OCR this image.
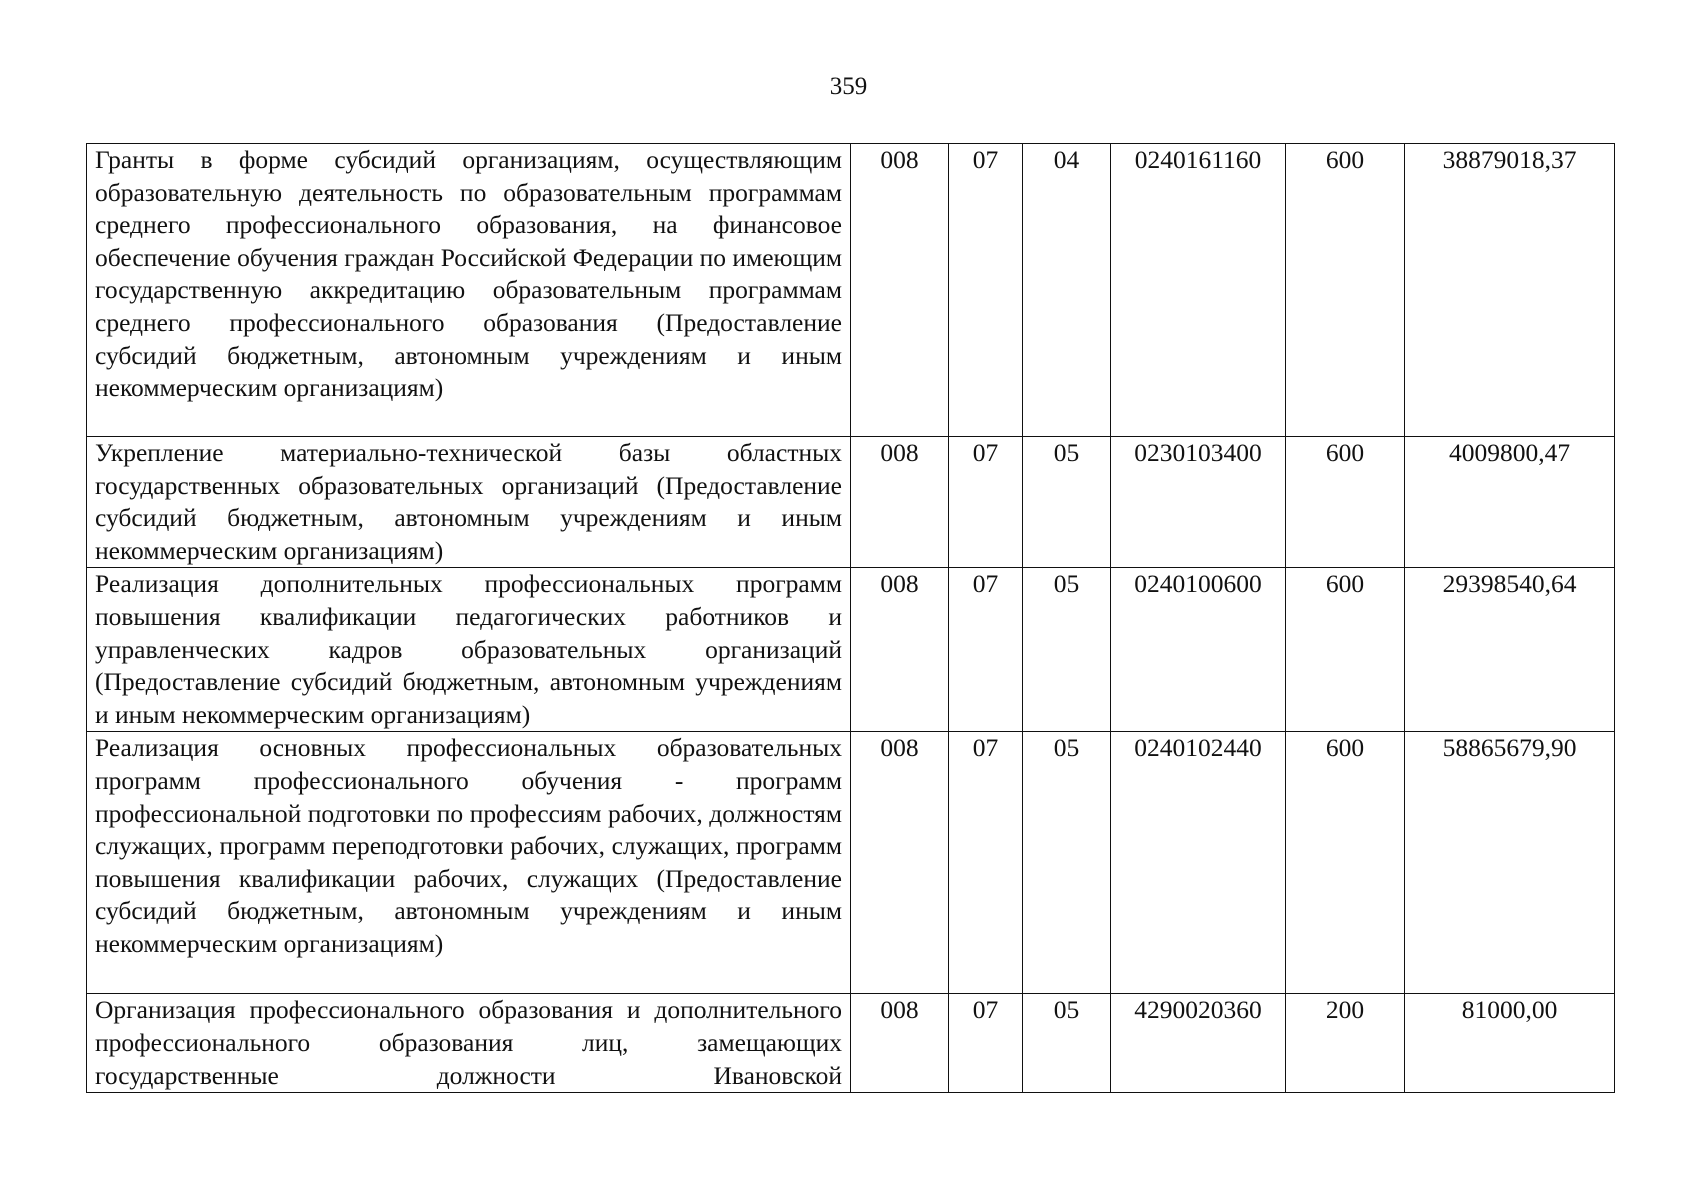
359
Гранты в форме субсидий организациям, осуществляющим образовательную деятельность по образовательным программам среднего профессионального образования, на финансовое обеспечение обучения граждан Российской Федерации по имеющим государственную аккредитацию образовательным программам среднего профессионального образования (Предоставление субсидий бюджетным, автономным учреждениям и иным некоммерческим организациям)	008	07	04	0240161160	600	38879018,37
Укрепление материально-технической базы областных государственных образовательных организаций (Предоставление субсидий бюджетным, автономным учреждениям и иным некоммерческим организациям)	008	07	05	0230103400	600	4009800,47
Реализация дополнительных профессиональных программ повышения квалификации педагогических работников и управленческих кадров образовательных организаций (Предоставление субсидий бюджетным, автономным учреждениям и иным некоммерческим организациям)	008	07	05	0240100600	600	29398540,64
Реализация основных профессиональных образовательных программ профессионального обучения - программ профессиональной подготовки по профессиям рабочих, должностям служащих, программ переподготовки рабочих, служащих, программ повышения квалификации рабочих, служащих (Предоставление субсидий бюджетным, автономным учреждениям и иным некоммерческим организациям)	008	07	05	0240102440	600	58865679,90
Организация профессионального образования и дополнительного профессионального образования лиц, замещающих государственные должности Ивановской	008	07	05	4290020360	200	81000,00
